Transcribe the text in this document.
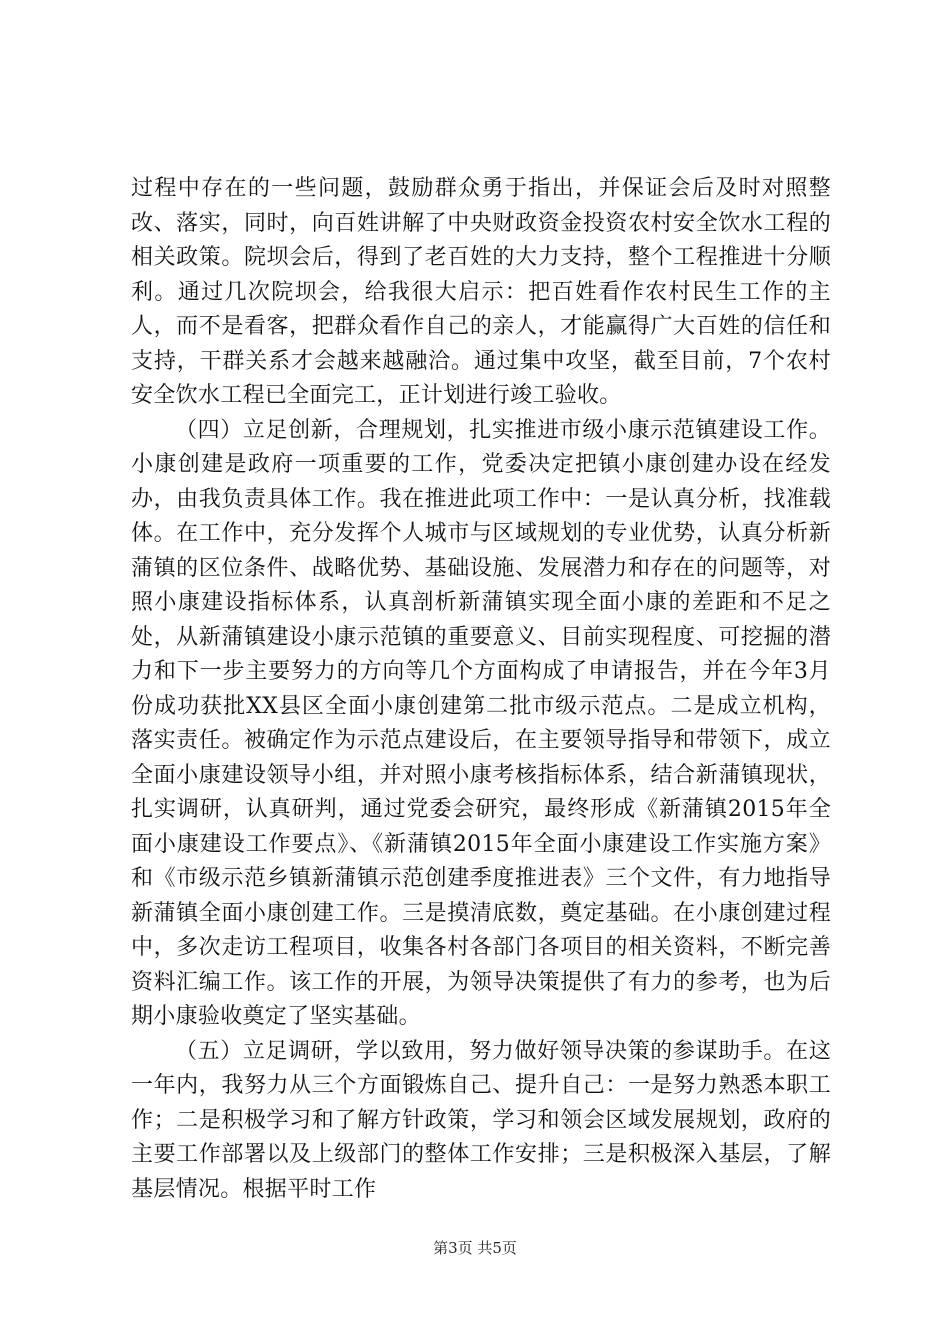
过程中存在的一些问题，鼓励群众勇于指出，并保证会后及时对照整改、落实，同时，向百姓讲解了中央财政资金投资农村安全饮水工程的相关政策。院坝会后，得到了老百姓的大力支持，整个工程推进十分顺利。通过几次院坝会，给我很大启示：把百姓看作农村民生工作的主人，而不是看客，把群众看作自己的亲人，才能赢得广大百姓的信任和支持，干群关系才会越来越融洽。通过集中攻坚，截至目前，7个农村安全饮水工程已全面完工，正计划进行竣工验收。

（四）立足创新，合理规划，扎实推进市级小康示范镇建设工作。小康创建是政府一项重要的工作，党委决定把镇小康创建办设在经发办，由我负责具体工作。我在推进此项工作中：一是认真分析，找准载体。在工作中，充分发挥个人城市与区域规划的专业优势，认真分析新蒲镇的区位条件、战略优势、基础设施、发展潜力和存在的问题等，对照小康建设指标体系，认真剖析新蒲镇实现全面小康的差距和不足之处，从新蒲镇建设小康示范镇的重要意义、目前实现程度、可挖掘的潜力和下一步主要努力的方向等几个方面构成了申请报告，并在今年3月份成功获批XX县区全面小康创建第二批市级示范点。二是成立机构，落实责任。被确定作为示范点建设后，在主要领导指导和带领下，成立全面小康建设领导小组，并对照小康考核指标体系，结合新蒲镇现状，扎实调研，认真研判，通过党委会研究，最终形成《新蒲镇2015年全面小康建设工作要点》、《新蒲镇2015年全面小康建设工作实施方案》和《市级示范乡镇新蒲镇示范创建季度推进表》三个文件，有力地指导新蒲镇全面小康创建工作。三是摸清底数，奠定基础。在小康创建过程中，多次走访工程项目，收集各村各部门各项目的相关资料，不断完善资料汇编工作。该工作的开展，为领导决策提供了有力的参考，也为后期小康验收奠定了坚实基础。

（五）立足调研，学以致用，努力做好领导决策的参谋助手。在这一年内，我努力从三个方面锻炼自己、提升自己：一是努力熟悉本职工作；二是积极学习和了解方针政策，学习和领会区域发展规划，政府的主要工作部署以及上级部门的整体工作安排；三是积极深入基层，了解基层情况。根据平时工作

第3页 共5页
